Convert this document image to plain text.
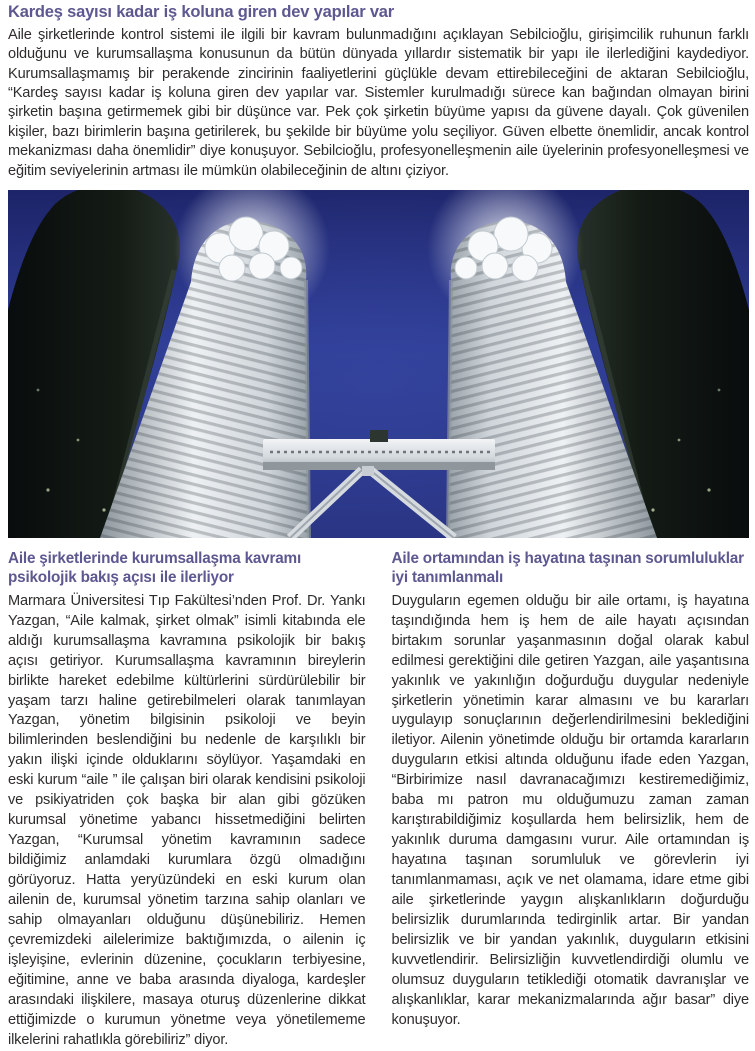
Kardeş sayısı kadar iş koluna giren dev yapılar var

Aile şirketlerinde kontrol sistemi ile ilgili bir kavram bulunmadığını açıklayan Sebilcioğlu, girişimcilik ruhunun farklı olduğunu ve kurumsallaşma konusunun da bütün dünyada yıllardır sistematik bir yapı ile ilerlediğini kaydediyor. Kurumsallaşmamış bir perakende zincirinin faaliyetlerini güçlükle devam ettirebileceğini de aktaran Sebilcioğlu, “Kardeş sayısı kadar iş koluna giren dev yapılar var. Sistemler kurulmadığı sürece kan bağından olmayan birini şirketin başına getirmemek gibi bir düşünce var. Pek çok şirketin büyüme yapısı da güvene dayalı. Çok güvenilen kişiler, bazı birimlerin başına getirilerek, bu şekilde bir büyüme yolu seçiliyor. Güven elbette önemlidir, ancak kontrol mekanizması daha önemlidir” diye konuşuyor. Sebilcioğlu, profesyonelleşmenin aile üyelerinin profesyonelleşmesi ve eğitim seviyelerinin artması ile mümkün olabileceğinin de altını çiziyor.

Aile şirketlerinde kurumsallaşma kavramı psikolojik bakış açısı ile ilerliyor

Marmara Üniversitesi Tıp Fakültesi’nden Prof. Dr. Yankı Yazgan, “Aile kalmak, şirket olmak” isimli kitabında ele aldığı kurumsallaşma kavramına psikolojik bir bakış açısı getiriyor. Kurumsallaşma kavramının bireylerin birlikte hareket edebilme kültürlerini sürdürülebilir bir yaşam tarzı haline getirebilmeleri olarak tanımlayan Yazgan, yönetim bilgisinin psikoloji ve beyin bilimlerinden beslendiğini bu nedenle de karşılıklı bir yakın ilişki içinde olduklarını söylüyor. Yaşamdaki en eski kurum “aile ” ile çalışan biri olarak kendisini psikoloji ve psikiyatriden çok başka bir alan gibi gözüken kurumsal yönetime yabancı hissetmediğini belirten Yazgan, “Kurumsal yönetim kavramının sadece bildiğimiz anlamdaki kurumlara özgü olmadığını görüyoruz. Hatta yeryüzündeki en eski kurum olan ailenin de, kurumsal yönetim tarzına sahip olanları ve sahip olmayanları olduğunu düşünebiliriz. Hemen çevremizdeki ailelerimize baktığımızda, o ailenin iç işleyişine, evlerinin düzenine, çocukların terbiyesine, eğitimine, anne ve baba arasında diyaloga, kardeşler arasındaki ilişkilere, masaya oturuş düzenlerine dikkat ettiğimizde o kurumun yönetme veya yönetilememe ilkelerini rahatlıkla görebiliriz” diyor.

Aile ortamından iş hayatına taşınan sorumluluklar iyi tanımlanmalı

Duyguların egemen olduğu bir aile ortamı, iş hayatına taşındığında hem iş hem de aile hayatı açısından birtakım sorunlar yaşanmasının doğal olarak kabul edilmesi gerektiğini dile getiren Yazgan, aile yaşantısına yakınlık ve yakınlığın doğurduğu duygular nedeniyle şirketlerin yönetimin karar almasını ve bu kararları uygulayıp sonuçlarının değerlendirilmesini beklediğini iletiyor. Ailenin yönetimde olduğu bir ortamda kararların duyguların etkisi altında olduğunu ifade eden Yazgan, “Birbirimize nasıl davranacağımızı kestiremediğimiz, baba mı patron mu olduğumuzu zaman zaman karıştırabildiğimiz koşullarda hem belirsizlik, hem de yakınlık duruma damgasını vurur. Aile ortamından iş hayatına taşınan sorumluluk ve görevlerin iyi tanımlanmaması, açık ve net olamama, idare etme gibi aile şirketlerinde yaygın alışkanlıkların doğurduğu belirsizlik durumlarında tedirginlik artar. Bir yandan belirsizlik ve bir yandan yakınlık, duyguların etkisini kuvvetlendirir. Belirsizliğin kuvvetlendirdiği olumlu ve olumsuz duyguların tetiklediği otomatik davranışlar ve alışkanlıklar, karar mekanizmalarında ağır basar” diye konuşuyor.
